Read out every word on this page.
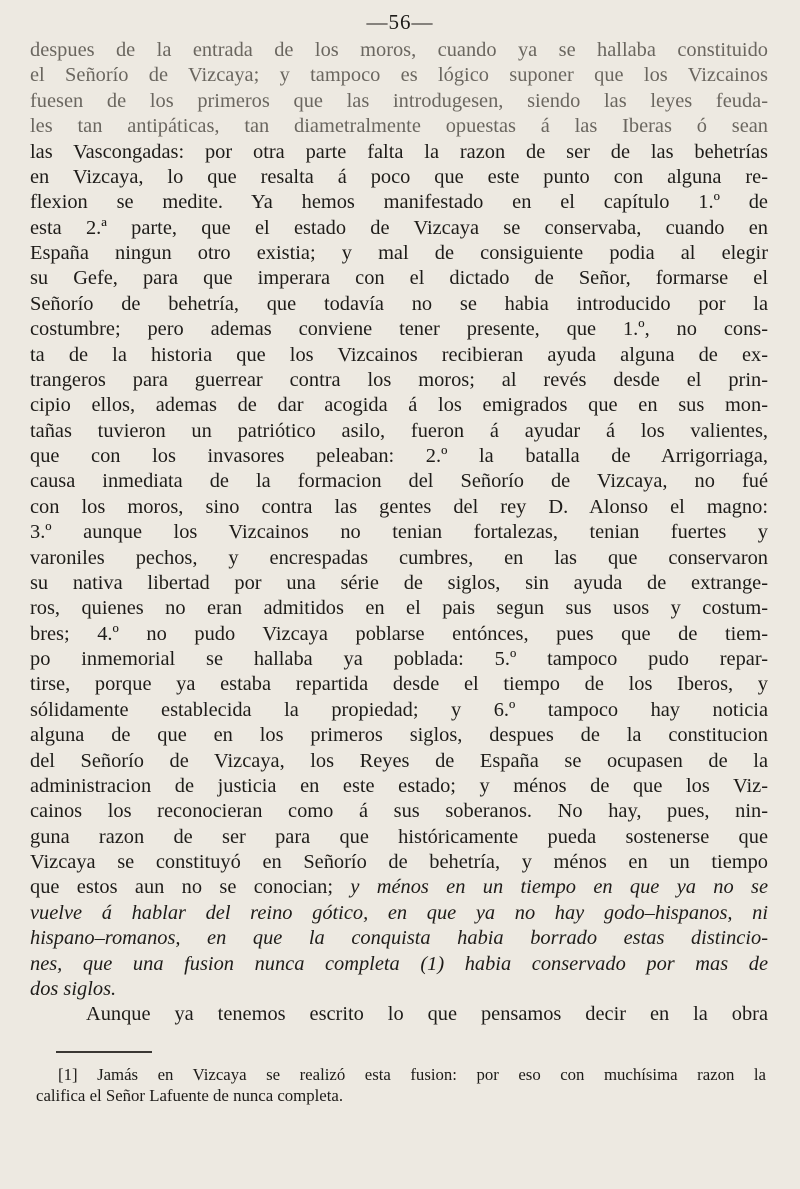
—56—
despues de la entrada de los moros, cuando ya se hallaba constituido
el Señorío de Vizcaya; y tampoco es lógico suponer que los Vizcainos
fuesen de los primeros que las introdugesen, siendo las leyes feuda-
les tan antipáticas, tan diametralmente opuestas á las Iberas ó sean
las Vascongadas: por otra parte falta la razon de ser de las behetrías
en Vizcaya, lo que resalta á poco que este punto con alguna re-
flexion se medite. Ya hemos manifestado en el capítulo 1.º de
esta 2.ª parte, que el estado de Vizcaya se conservaba, cuando en
España ningun otro existia; y mal de consiguiente podia al elegir
su Gefe, para que imperara con el dictado de Señor, formarse el
Señorío de behetría, que todavía no se habia introducido por la
costumbre; pero ademas conviene tener presente, que 1.º, no cons-
ta de la historia que los Vizcainos recibieran ayuda alguna de ex-
trangeros para guerrear contra los moros; al revés desde el prin-
cipio ellos, ademas de dar acogida á los emigrados que en sus mon-
tañas tuvieron un patriótico asilo, fueron á ayudar á los valientes,
que con los invasores peleaban: 2.º la batalla de Arrigorriaga,
causa inmediata de la formacion del Señorío de Vizcaya, no fué
con los moros, sino contra las gentes del rey D. Alonso el magno:
3.º aunque los Vizcainos no tenian fortalezas, tenian fuertes y
varoniles pechos, y encrespadas cumbres, en las que conservaron
su nativa libertad por una série de siglos, sin ayuda de extrange-
ros, quienes no eran admitidos en el pais segun sus usos y costum-
bres; 4.º no pudo Vizcaya poblarse entónces, pues que de tiem-
po inmemorial se hallaba ya poblada: 5.º tampoco pudo repar-
tirse, porque ya estaba repartida desde el tiempo de los Iberos, y
sólidamente establecida la propiedad; y 6.º tampoco hay noticia
alguna de que en los primeros siglos, despues de la constitucion
del Señorío de Vizcaya, los Reyes de España se ocupasen de la
administracion de justicia en este estado; y ménos de que los Viz-
cainos los reconocieran como á sus soberanos. No hay, pues, nin-
guna razon de ser para que históricamente pueda sostenerse que
Vizcaya se constituyó en Señorío de behetría, y ménos en un tiempo
que estos aun no se conocian; y ménos en un tiempo en que ya no se
vuelve á hablar del reino gótico, en que ya no hay godo–hispanos, ni
hispano–romanos, en que la conquista habia borrado estas distincio-
nes, que una fusion nunca completa (1) habia conservado por mas de
dos siglos.
Aunque ya tenemos escrito lo que pensamos decir en la obra
[1] Jamás en Vizcaya se realizó esta fusion: por eso con muchísima razon la
califica el Señor Lafuente de nunca completa.
